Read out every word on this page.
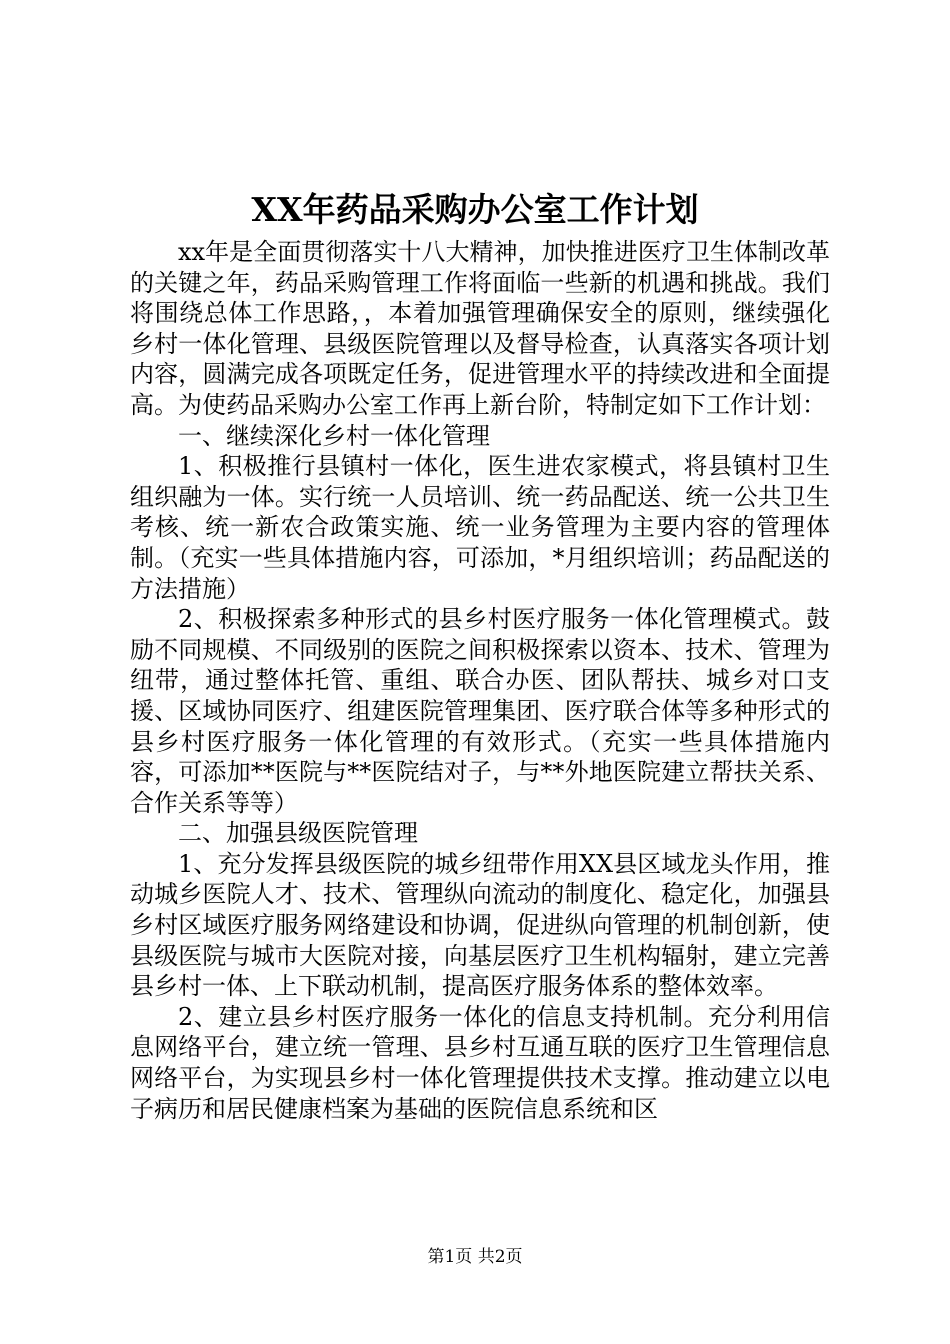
XX年药品采购办公室工作计划

xx年是全面贯彻落实十八大精神，加快推进医疗卫生体制改革的关键之年，药品采购管理工作将面临一些新的机遇和挑战。我们将围绕总体工作思路，，本着加强管理确保安全的原则，继续强化乡村一体化管理、县级医院管理以及督导检查，认真落实各项计划内容，圆满完成各项既定任务，促进管理水平的持续改进和全面提高。为使药品采购办公室工作再上新台阶，特制定如下工作计划：

一、继续深化乡村一体化管理

1、积极推行县镇村一体化，医生进农家模式，将县镇村卫生组织融为一体。实行统一人员培训、统一药品配送、统一公共卫生考核、统一新农合政策实施、统一业务管理为主要内容的管理体制。（充实一些具体措施内容，可添加，*月组织培训；药品配送的方法措施）

2、积极探索多种形式的县乡村医疗服务一体化管理模式。鼓励不同规模、不同级别的医院之间积极探索以资本、技术、管理为纽带，通过整体托管、重组、联合办医、团队帮扶、城乡对口支援、区域协同医疗、组建医院管理集团、医疗联合体等多种形式的县乡村医疗服务一体化管理的有效形式。（充实一些具体措施内容，可添加**医院与**医院结对子，与**外地医院建立帮扶关系、合作关系等等）

二、加强县级医院管理

1、充分发挥县级医院的城乡纽带作用XX县区域龙头作用，推动城乡医院人才、技术、管理纵向流动的制度化、稳定化，加强县乡村区域医疗服务网络建设和协调，促进纵向管理的机制创新，使县级医院与城市大医院对接，向基层医疗卫生机构辐射，建立完善县乡村一体、上下联动机制，提高医疗服务体系的整体效率。

2、建立县乡村医疗服务一体化的信息支持机制。充分利用信息网络平台，建立统一管理、县乡村互通互联的医疗卫生管理信息网络平台，为实现县乡村一体化管理提供技术支撑。推动建立以电子病历和居民健康档案为基础的医院信息系统和区

第1页 共2页
